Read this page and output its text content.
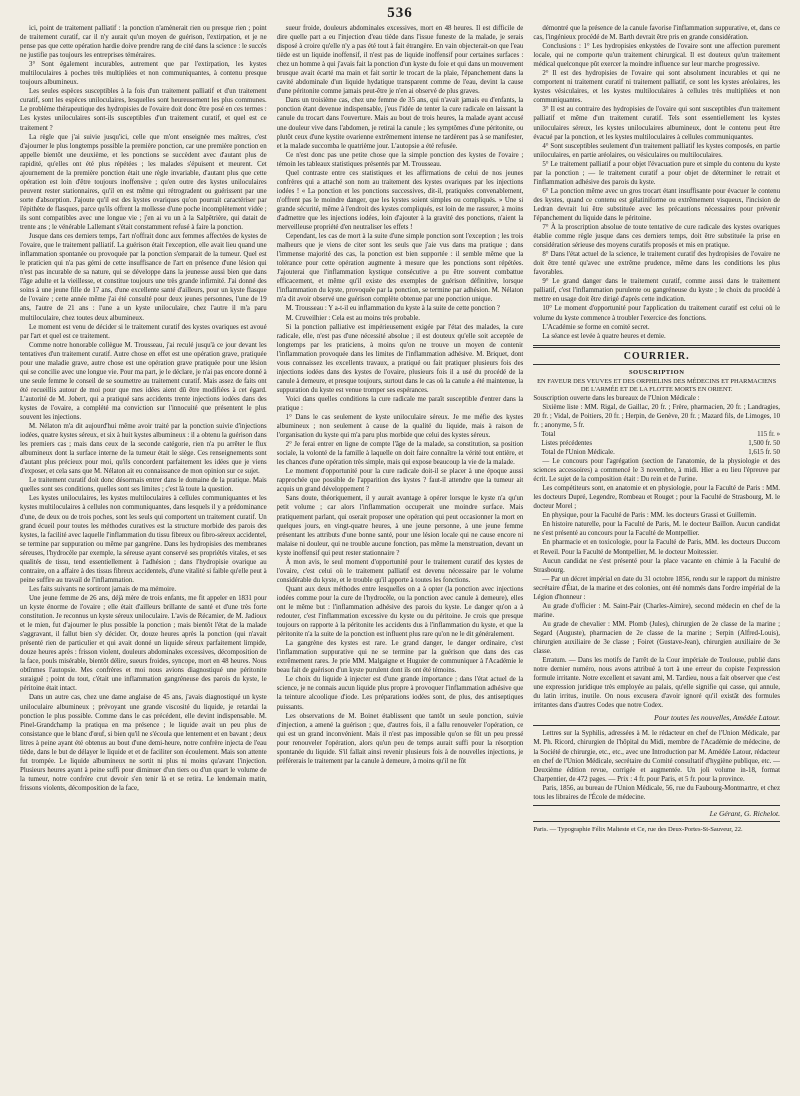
536

ici, point de traitement palliatif : la ponction n'amènerait rien ou presque rien ; point de traitement curatif, car il n'y aurait qu'un moyen de guérison, l'extirpation, et je ne pense pas que cette opération hardie doive prendre rang de cité dans la science : le succès ne justifie pas toujours les entreprises téméraires.

3° Sont également incurables, autrement que par l'extirpation, les kystes multiloculaires à poches très multipliées et non communiquantes, à contenu presque toujours albumineux.

Les seules espèces susceptibles à la fois d'un traitement palliatif et d'un traitement curatif, sont les espèces uniloculaires, lesquelles sont heureusement les plus communes. Le problème thérapeutique des hydropisies de l'ovaire doit donc être posé en ces termes : Les kystes uniloculaires sont-ils susceptibles d'un traitement curatif, et quel est ce traitement ?

La règle que j'ai suivie jusqu'ici, celle que m'ont enseignée mes maîtres, c'est d'ajourner le plus longtemps possible la première ponction, car une première ponction en appelle bientôt une deuxième, et les ponctions se succèdent avec d'autant plus de rapidité, qu'elles ont été plus répétées ; les malades s'épuisent et meurent. Cet ajournement de la première ponction était une règle invariable, d'autant plus que cette opération est loin d'être toujours inoffensive ; qu'en outre des kystes uniloculaires peuvent rester stationnaires, qu'il en est même qui rétrogradent ou guérissent par une sorte d'absorption. J'ajoute qu'il est des kystes ovariques qu'on pourrait caractériser par l'épithète de flasques, parce qu'ils offrent la mollesse d'une poche incomplètement vidée ; ils sont compatibles avec une longue vie ; j'en ai vu un à la Salpêtrière, qui datait de trente ans ; le vénérable Lallemant s'était constamment refusé à faire la ponction.

Jusque dans ces derniers temps, l'art n'offrait donc aux femmes affectées de kystes de l'ovaire, que le traitement palliatif. La guérison était l'exception, elle avait lieu quand une inflammation spontanée ou provoquée par la ponction s'emparait de la tumeur. Quel est le praticien qui n'a pas gémi de cette insuffisance de l'art en présence d'une lésion qui n'est pas incurable de sa nature, qui se développe dans la jeunesse aussi bien que dans l'âge adulte et la vieillesse, et constitue toujours une très grande infirmité. J'ai donné des soins à une jeune fille de 17 ans, d'une excellente santé d'ailleurs, pour un kyste flasque de l'ovaire ; cette année même j'ai été consulté pour deux jeunes personnes, l'une de 19 ans, l'autre de 21 ans : l'une a un kyste uniloculaire, chez l'autre il m'a paru multiloculaire, chez toutes deux albumineux.

Le moment est venu de décider si le traitement curatif des kystes ovariques est avoué par l'art et quel est ce traitement.

Comme notre honorable collègue M. Trousseau, j'ai reculé jusqu'à ce jour devant les tentatives d'un traitement curatif. Autre chose en effet est une opération grave, pratiquée pour une maladie grave, autre chose est une opération grave pratiquée pour une lésion qui se concilie avec une longue vie. Pour ma part, je le déclare, je n'ai pas encore donné à une seule femme le conseil de se soumettre au traitement curatif. Mais assez de faits ont été recueillis autour de moi pour que mes idées aient dû être modifiées à cet égard. L'autorité de M. Jobert, qui a pratiqué sans accidents trente injections iodées dans des kystes de l'ovaire, a complété ma conviction sur l'innocuité que présentent le plus souvent les injections.

M. Nélaton m'a dit aujourd'hui même avoir traité par la ponction suivie d'injections iodées, quatre kystes séreux, et six à huit kystes albumineux : il a obtenu la guérison dans les premiers cas ; mais dans ceux de la seconde catégorie, rien n'a pu arrêter le flux albumineux dont la surface interne de la tumeur était le siège. Ces renseignements sont d'autant plus précieux pour moi, qu'ils concordent parfaitement les idées que je viens d'exposer, et cela sans que M. Nélaton ait eu connaissance de mon opinion sur ce sujet.

Le traitement curatif doit donc désormais entrer dans le domaine de la pratique. Mais quelles sont ses conditions, quelles sont ses limites ; c'est là toute la question.

Les kystes uniloculaires, les kystes multiloculaires à cellules communiquantes et les kystes multiloculaires à cellules non communiquantes, dans lesquels il y a prédominance d'une, de deux ou de trois poches, sont les seuls qui comportent un traitement curatif. Un grand écueil pour toutes les méthodes curatives est la structure morbide des parois des kystes, la facilité avec laquelle l'inflammation du tissu fibreux ou fibro-séreux accidentel, se termine par suppuration ou même par gangrène. Dans les hydropisies des membranes séreuses, l'hydrocèle par exemple, la séreuse ayant conservé ses propriétés vitales, et ses qualités de tissu, tend essentiellement à l'adhésion ; dans l'hydropisie ovarique au contraire, on a affaire à des tissus fibreux accidentels, d'une vitalité si faible qu'elle peut à peine suffire au travail de l'inflammation.

Les faits suivants ne sortiront jamais de ma mémoire.

Une jeune femme de 26 ans, déjà mère de trois enfants, me fit appeler en 1831 pour un kyste énorme de l'ovaire ; elle était d'ailleurs brillante de santé et d'une très forte constitution. Je reconnus un kyste séreux uniloculaire. L'avis de Récamier, de M. Jadioux et le mien, fut d'ajourner le plus possible la ponction ; mais bientôt l'état de la malade s'aggravant, il fallut bien s'y décider. Or, douze heures après la ponction (qui n'avait présenté rien de particulier et qui avait donné un liquide séreux parfaitement limpide, douze heures après : frisson violent, douleurs abdominales excessives, décomposition de la face, pouls misérable, bientôt délire, sueurs froides, syncope, mort en 48 heures. Nous obtînmes l'autopsie. Mes confrères et moi nous avions diagnostiqué une péritonite suraiguë ; point du tout, c'était une inflammation gangréneuse des parois du kyste, le péritoine était intact.

Dans un autre cas, chez une dame anglaise de 45 ans, j'avais diagnostiqué un kyste uniloculaire albumineux ; prévoyant une grande viscosité du liquide, je retardai la ponction le plus possible. Comme dans le cas précédent, elle devint indispensable. M. Pinel-Grandchamp la pratiqua en ma présence ; le liquide avait un peu plus de consistance que le blanc d'œuf, si bien qu'il ne s'écoula que lentement et en bavant ; deux litres à peine ayant été obtenus au bout d'une demi-heure, notre confrère injecta de l'eau tiède, dans le but de délayer le liquide et et de faciliter son écoulement. Mais son attente fut trompée. Le liquide albumineux ne sortit ni plus ni moins qu'avant l'injection. Plusieurs heures ayant à peine suffi pour diminuer d'un tiers ou d'un quart le volume de la tumeur, notre confrère crut devoir s'en tenir là et se retira. Le lendemain matin, frissons violents, décomposition de la face,

sueur froide, douleurs abdominales excessives, mort en 48 heures. Il est difficile de dire quelle part a eu l'injection d'eau tiède dans l'issue funeste de la malade, je serais disposé à croire qu'elle n'y a pas été tout à fait étrangère. En vain objecterait-on que l'eau tiède est un liquide inoffensif, il n'est pas de liquide inoffensif pour certaines surfaces : chez un homme à qui j'avais fait la ponction d'un kyste du foie et qui dans un mouvement brusque avait écarté ma main et fait sortir le trocart de la plaie, l'épanchement dans la cavité abdominale d'un liquide hydatique transparent comme de l'eau, devint la cause d'une péritonite comme jamais peut-être je n'en ai observé de plus graves.

Dans un troisième cas, chez une femme de 35 ans, qui n'avait jamais eu d'enfants, la ponction étant devenue indispensable, j'eus l'idée de tenter la cure radicale en laissant la canule du trocart dans l'ouverture. Mais au bout de trois heures, la malade ayant accusé une douleur vive dans l'abdomen, je retirai la canule ; les symptômes d'une péritonite, ou plutôt ceux d'une kystite ovarienne extrêmement intense ne tardèrent pas à se manifester, et la malade succomba le quatrième jour. L'autopsie a été refusée.

Ce n'est donc pas une petite chose que la simple ponction des kystes de l'ovaire ; témoin les tableaux statistiques présentés par M. Trousseau.

Quel contraste entre ces statistiques et les affirmations de celui de nos jeunes confrères qui a attaché son nom au traitement des kystes ovariques par les injections iodées ! « La ponction et les ponctions successives, dit-il, pratiquées convenablement, n'offrent pas le moindre danger, que les kystes soient simples ou compliqués. » Une si grande sécurité, même à l'endroit des kystes compliqués, est loin de me rassurer, à moins d'admettre que les injections iodées, loin d'ajouter à la gravité des ponctions, n'aient la merveilleuse propriété d'en neutraliser les effets !

Cependant, les cas de mort à la suite d'une simple ponction sont l'exception ; les trois malheurs que je viens de citer sont les seuls que j'aie vus dans ma pratique ; dans l'immense majorité des cas, la ponction est bien supportée : il semble même que la tolérance pour cette opération augmente à mesure que les ponctions sont répétées. J'ajouterai que l'inflammation kystique consécutive a pu être souvent combattue efficacement, et même qu'il existe des exemples de guérison définitive, lorsque l'inflammation du kyste, provoquée par la ponction, se termine par adhésion. M. Nélaton m'a dit avoir observé une guérison complète obtenue par une ponction unique.

M. Trousseau : Y a-t-il eu inflammation du kyste à la suite de cette ponction ?

M. Cruveilhier : Cela est au moins très probable.

Si la ponction palliative est impérieusement exigée par l'état des malades, la cure radicale, elle, n'est pas d'une nécessité absolue ; il est douteux qu'elle soit acceptée de longtemps par les praticiens, à moins qu'on ne trouve un moyen de contenir l'inflammation provoquée dans les limites de l'inflammation adhésive. M. Briquet, dont vous connaissez les excellents travaux, a pratiqué ou fait pratiquer plusieurs fois des injections iodées dans des kystes de l'ovaire, plusieurs fois il a usé du procédé de la canule à demeure, et presque toujours, surtout dans le cas où la canule a été maintenue, la suppuration du kyste est venue tromper ses espérances.

Voici dans quelles conditions la cure radicale me paraît susceptible d'entrer dans la pratique :

1° Dans le cas seulement de kyste uniloculaire séreux. Je me méfie des kystes albumineux ; non seulement à cause de la qualité du liquide, mais à raison de l'organisation du kyste qui m'a paru plus morbide que celui des kystes séreux.

2° Je ferai entrer en ligne de compte l'âge de la malade, sa constitution, sa position sociale, la volonté de la famille à laquelle on doit faire connaître la vérité tout entière, et les chances d'une opération très simple, mais qui expose beaucoup la vie de la malade.

Le moment d'opportunité pour la cure radicale doit-il se placer à une époque aussi rapprochée que possible de l'apparition des kystes ? faut-il attendre que la tumeur ait acquis un grand développement ?

Sans doute, théoriquement, il y aurait avantage à opérer lorsque le kyste n'a qu'un petit volume ; car alors l'inflammation occuperait une moindre surface. Mais pratiquement parlant, qui oserait proposer une opération qui peut occasionner la mort en quelques jours, en vingt-quatre heures, à une jeune personne, à une jeune femme présentant les attributs d'une bonne santé, pour une lésion locale qui ne cause encore ni malaise ni douleur, qui ne trouble aucune fonction, pas même la menstruation, devant un kyste inoffensif qui peut rester stationnaire ?

À mon avis, le seul moment d'opportunité pour le traitement curatif des kystes de l'ovaire, c'est celui où le traitement palliatif est devenu nécessaire par le volume considérable du kyste, et le trouble qu'il apporte à toutes les fonctions.

Quant aux deux méthodes entre lesquelles on a à opter (la ponction avec injections iodées comme pour la cure de l'hydrocèle, ou la ponction avec canule à demeure), elles ont le même but : l'inflammation adhésive des parois du kyste. Le danger qu'on a à redouter, c'est l'inflammation excessive du kyste ou du péritoine. Je crois que presque toujours on rapporte à la péritonite les accidents dus à l'inflammation du kyste, et que la péritonite n'a la suite de la ponction est influent plus rare qu'on ne le dit généralement.

La gangrène des kystes est rare. Le grand danger, le danger ordinaire, c'est l'inflammation suppurative qui ne se termine par la guérison que dans des cas extrêmement rares. Je prie MM. Malgaigne et Huguier de communiquer à l'Académie le beau fait de guérison d'un kyste purulent dont ils ont été témoins.

Le choix du liquide à injecter est d'une grande importance ; dans l'état actuel de la science, je ne connais aucun liquide plus propre à provoquer l'inflammation adhésive que la teinture alcoolique d'iode. Les préparations iodées sont, de plus, des antiseptiques puissants.

Les observations de M. Boinet établissent que tantôt un seule ponction, suivie d'injection, a amené la guérison ; que, d'autres fois, il a fallu renouveler l'opération, ce qui est un grand inconvénient. Mais il n'est pas impossible qu'on se fût un peu pressé pour renouveler l'opération, alors qu'un peu de temps aurait suffi pour la résorption spontanée du liquide. S'il fallait ainsi revenir plusieurs fois à de nouvelles injections, je préférerais le traitement par la canule à demeure, à moins qu'il ne fût

démontré que la présence de la canule favorise l'inflammation suppurative, et, dans ce cas, l'ingénieux procédé de M. Barth devrait être pris en grande considération.

Conclusions : 1° Les hydropisies enkystées de l'ovaire sont une affection purement locale, qui ne comporte qu'un traitement chirurgical. Il est douteux qu'un traitement médical quelconque pût exercer la moindre influence sur leur marche progressive.

2° Il est des hydropisies de l'ovaire qui sont absolument incurables et qui ne comportent ni traitement curatif ni traitement palliatif, ce sont les kystes aréolaires, les kystes vésiculaires, et les kystes multiloculaires à cellules très multipliées et non communiquantes.

3° Il est au contraire des hydropisies de l'ovaire qui sont susceptibles d'un traitement palliatif et même d'un traitement curatif. Tels sont essentiellement les kystes uniloculaires séreux, les kystes uniloculaires albumineux, dont le contenu peut être évacué par la ponction, et les kystes multiloculaires à cellules communiquantes.

4° Sont susceptibles seulement d'un traitement palliatif les kystes composés, en partie uniloculaires, en partie aréolaires, ou vésiculaires ou multiloculaires.

5° Le traitement palliatif a pour objet l'évacuation pure et simple du contenu du kyste par la ponction ; — le traitement curatif a pour objet de déterminer le retrait et l'inflammation adhésive des parois du kyste.

6° La ponction même avec un gros trocart étant insuffisante pour évacuer le contenu des kystes, quand ce contenu est gélatiniforme ou extrêmement visqueux, l'incision de Ledran devrait lui être substituée avec les précautions nécessaires pour prévenir l'épanchement du liquide dans le péritoine.

7° À la proscription absolue de toute tentative de cure radicale des kystes ovariques établie comme règle jusque dans ces derniers temps, doit être substituée la prise en considération sérieuse des moyens curatifs proposés et mis en pratique.

8° Dans l'état actuel de la science, le traitement curatif des hydropisies de l'ovaire ne doit être tenté qu'avec une extrême prudence, même dans les conditions les plus favorables.

9° Le grand danger dans le traitement curatif, comme aussi dans le traitement palliatif, c'est l'inflammation purulente ou gangréneuse du kyste ; le choix du procédé à mettre en usage doit être dirigé d'après cette indication.

10° Le moment d'opportunité pour l'application du traitement curatif est celui où le volume du kyste commence à troubler l'exercice des fonctions.

L'Académie se forme en comité secret.

La séance est levée à quatre heures et demie.

COURRIER.
SOUSCRIPTION
EN FAVEUR DES VEUVES ET DES ORPHELINS DES MÉDECINS ET PHARMACIENS DE L'ARMÉE ET DE LA FLOTTE MORTS EN ORIENT.

Souscription ouverte dans les bureaux de l'Union Médicale :

Sixième liste : MM. Rigal, de Gaillac, 20 fr. ; Frère, pharmacien, 20 fr. ; Landragies, 20 fr. ; Vidal, de Poitiers, 20 fr. ; Herpin, de Genève, 20 fr. ; Mazard fils, de Limoges, 10 fr. ; anonyme, 5 fr.

Total	115 fr. »
Listes précédentes	1,500 fr. 50
Total de l'Union Médicale.	1,615 fr. 50

— Le concours pour l'agrégation (section de l'anatomie, de la physiologie et des sciences accessoires) a commencé le 3 novembre, à midi. Hier a eu lieu l'épreuve par écrit. Le sujet de la composition était : Du rein et de l'urine.

Les compétiteurs sont, en anatomie et en physiologie, pour la Faculté de Paris : MM. les docteurs Dupré, Legendre, Rombeau et Rouget ; pour la Faculté de Strasbourg, M. le docteur Morel ;

En physique, pour la Faculté de Paris : MM. les docteurs Grassi et Guillemin.

En histoire naturelle, pour la Faculté de Paris, M. le docteur Baillon. Aucun candidat ne s'est présenté au concours pour la Faculté de Montpellier.

En pharmacie et en toxicologie, pour la Faculté de Paris, MM. les docteurs Duccom et Reveil. Pour la Faculté de Montpellier, M. le docteur Moitessier.

Aucun candidat ne s'est présenté pour la place vacante en chimie à la Faculté de Strasbourg.

— Par un décret impérial en date du 31 octobre 1856, rendu sur le rapport du ministre secrétaire d'État, de la marine et des colonies, ont été nommés dans l'ordre impérial de la Légion d'honneur :

Au grade d'officier : M. Saint-Pair (Charles-Aimire), second médecin en chef de la marine.

Au grade de chevalier : MM. Plomb (Jules), chirurgien de 2e classe de la marine ; Segard (Auguste), pharmacien de 2e classe de la marine ; Serpin (Alfred-Louis), chirurgien auxiliaire de 3e classe ; Foiret (Gustave-Jean), chirurgien auxiliaire de 3e classe.

Erratum. — Dans les motifs de l'arrêt de la Cour impériale de Toulouse, publié dans notre dernier numéro, nous avons attribué à tort à une erreur du copiste l'expression formule irritante. Notre excellent et savant ami, M. Tardieu, nous a fait observer que c'est une expression juridique très employée au palais, qu'elle signifie qui casse, qui annule, du latin irritus, inutile. On nous excusera d'avoir ignoré qu'il existât des formules irritantes dans d'autres Codes que notre Codex.

Pour toutes les nouvelles, Amédée Latour.

Lettres sur la Syphilis, adressées à M. le rédacteur en chef de l'Union Médicale, par M. Ph. Ricord, chirurgien de l'hôpital du Midi, membre de l'Académie de médecine, de la Société de chirurgie, etc., etc., avec une Introduction par M. Amédée Latour, rédacteur en chef de l'Union Médicale, secrétaire du Comité consultatif d'hygiène publique, etc. — Deuxième édition revue, corrigée et augmentée. Un joli volume in-18, format Charpentier, de 472 pages. — Prix : 4 fr. pour Paris, et 5 fr. pour la province.

Paris, 1856, au bureau de l'Union Médicale, 56, rue du Faubourg-Montmartre, et chez tous les libraires de l'École de médecine.

Le Gérant, G. Richelot.
Paris. — Typographie Félix Malteste et Ce, rue des Deux-Portes-St-Sauveur, 22.
